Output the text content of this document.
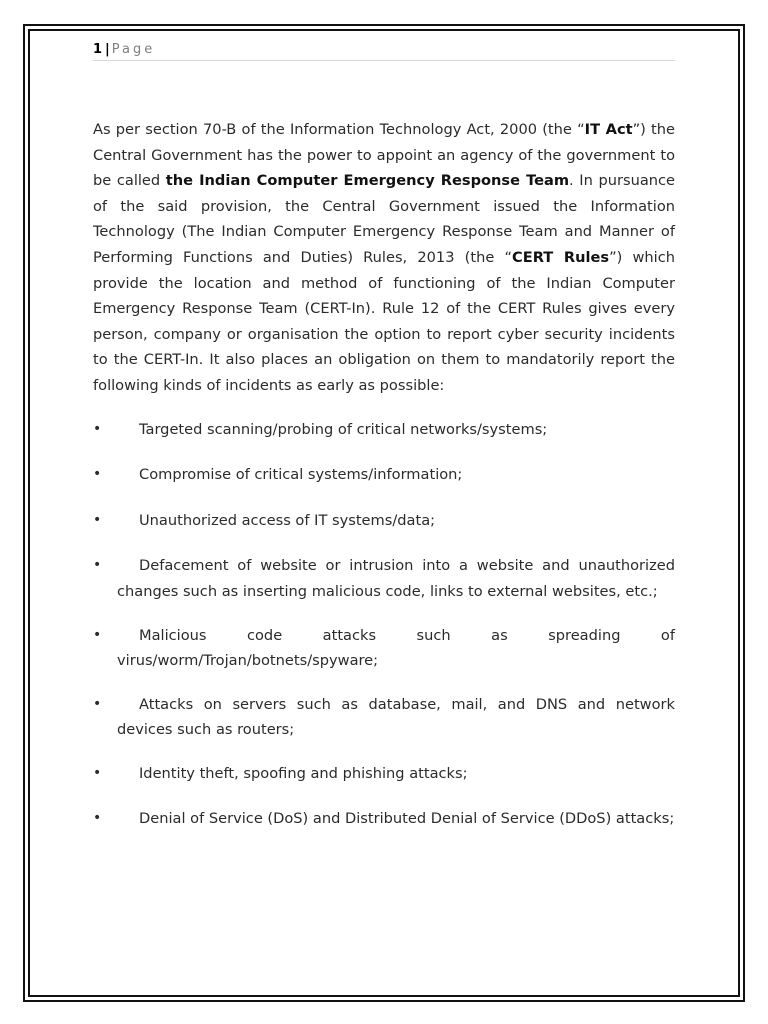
1 | Page

As per section 70-B of the Information Technology Act, 2000 (the “IT Act”) the Central Government has the power to appoint an agency of the government to be called the Indian Computer Emergency Response Team. In pursuance of the said provision, the Central Government issued the Information Technology (The Indian Computer Emergency Response Team and Manner of Performing Functions and Duties) Rules, 2013 (the “CERT Rules”) which provide the location and method of functioning of the Indian Computer Emergency Response Team (CERT-In). Rule 12 of the CERT Rules gives every person, company or organisation the option to report cyber security incidents to the CERT-In. It also places an obligation on them to mandatorily report the following kinds of incidents as early as possible:

•	Targeted scanning/probing of critical networks/systems;
•	Compromise of critical systems/information;
•	Unauthorized access of IT systems/data;
•	Defacement of website or intrusion into a website and unauthorized changes such as inserting malicious code, links to external websites, etc.;
•	Malicious code attacks such as spreading of virus/worm/Trojan/botnets/spyware;
•	Attacks on servers such as database, mail, and DNS and network devices such as routers;
•	Identity theft, spoofing and phishing attacks;
•	Denial of Service (DoS) and Distributed Denial of Service (DDoS) attacks;
